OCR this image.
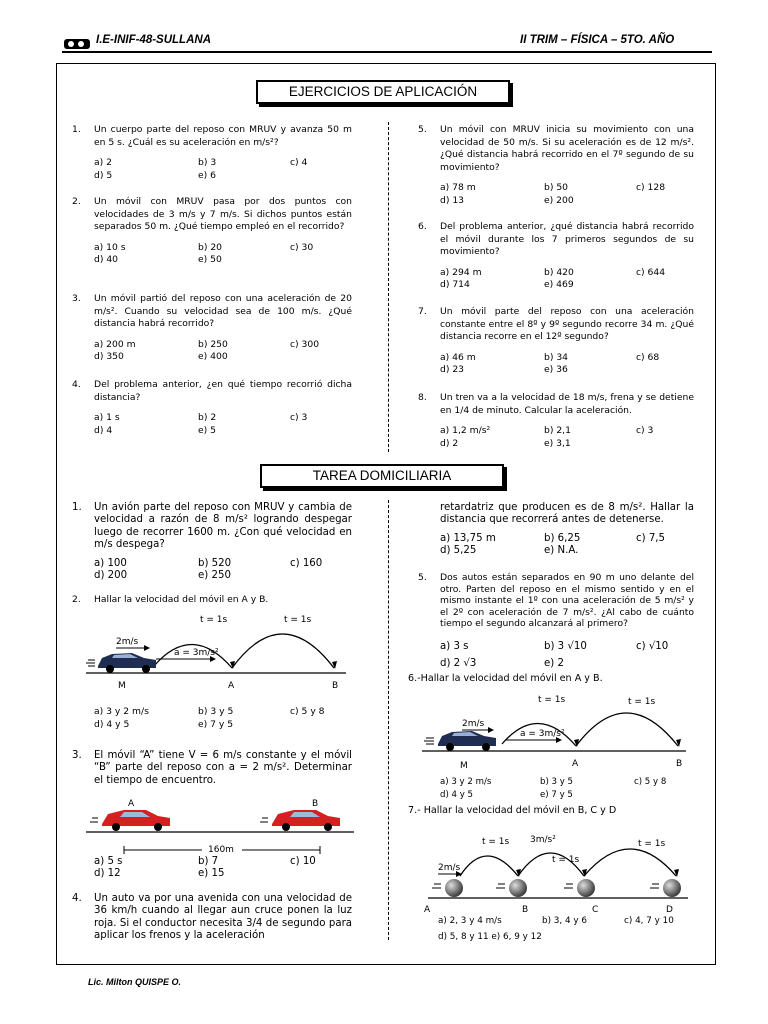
I.E-INIF-48-SULLANA	II TRIM – FÍSICA – 5TO. AÑO
EJERCICIOS DE APLICACIÓN
1. Un cuerpo parte del reposo con MRUV y avanza 50 m en 5 s. ¿Cuál es su aceleración en m/s²?
a) 2	b) 3	c) 4
d) 5	e) 6
2. Un móvil con MRUV pasa por dos puntos con velocidades de 3 m/s y 7 m/s. Si dichos puntos están separados 50 m. ¿Qué tiempo empleó en el recorrido?
a) 10 s	b) 20	c) 30
d) 40	e) 50
3. Un móvil partió del reposo con una aceleración de 20 m/s². Cuando su velocidad sea de 100 m/s. ¿Qué distancia habrá recorrido?
a) 200 m	b) 250	c) 300
d) 350	e) 400
4. Del problema anterior, ¿en qué tiempo recorrió dicha distancia?
a) 1 s	b) 2	c) 3
d) 4	e) 5
5. Un móvil con MRUV inicia su movimiento con una velocidad de 50 m/s. Si su aceleración es de 12 m/s². ¿Qué distancia habrá recorrido en el 7º segundo de su movimiento?
a) 78 m	b) 50	c) 128
d) 13	e) 200
6. Del problema anterior, ¿qué distancia habrá recorrido el móvil durante los 7 primeros segundos de su movimiento?
a) 294 m	b) 420	c) 644
d) 714	e) 469
7. Un móvil parte del reposo con una aceleración constante entre el 8º y 9º segundo recorre 34 m. ¿Qué distancia recorre en el 12º segundo?
a) 46 m	b) 34	c) 68
d) 23	e) 36
8. Un tren va a la velocidad de 18 m/s, frena y se detiene en 1/4 de minuto. Calcular la aceleración.
a) 1,2 m/s²	b) 2,1	c) 3
d) 2	e) 3,1
TAREA DOMICILIARIA
1. Un avión parte del reposo con MRUV y cambia de velocidad a razón de 8 m/s² logrando despegar luego de recorrer 1600 m. ¿Con qué velocidad en m/s despega?
a) 100	b) 520	c) 160
d) 200	e) 250
2. Hallar la velocidad del móvil en A y B.
t = 1s	t = 1s
2m/s
a = 3m/s²
M	A	B
a) 3 y 2 m/s	b) 3 y 5	c) 5 y 8
d) 4 y 5	e) 7 y 5
3. El móvil “A” tiene V = 6 m/s constante y el móvil “B” parte del reposo con a = 2 m/s². Determinar el tiempo de encuentro.
A	B
160m
a) 5 s	b) 7	c) 10
d) 12	e) 15
4. Un auto va por una avenida con una velocidad de 36 km/h cuando al llegar aun cruce ponen la luz roja. Si el conductor necesita 3/4 de segundo para aplicar los frenos y la aceleración
retardatriz que producen es de 8 m/s². Hallar la distancia que recorrerá antes de detenerse.
a) 13,75 m	b) 6,25	c) 7,5
d) 5,25	e) N.A.
5. Dos autos están separados en 90 m uno delante del otro. Parten del reposo en el mismo sentido y en el mismo instante el 1º con una aceleración de 5 m/s² y el 2º con aceleración de 7 m/s². ¿Al cabo de cuánto tiempo el segundo alcanzará al primero?
a) 3 s	b) 3 √10	c) √10
d) 2 √3	e) 2
6.-Hallar la velocidad del móvil en A y B.
t = 1s	t = 1s
2m/s
a = 3m/s²
M	A	B
a) 3 y 2 m/s	b) 3 y 5	c) 5 y 8
d) 4 y 5	e) 7 y 5
7.- Hallar la velocidad del móvil en B, C y D
t = 1s 3m/s²
t = 1s
t = 1s
2m/s
A	B	C	D
a) 2, 3 y 4 m/s	b) 3, 4 y 6	c) 4, 7 y 10
d) 5, 8 y 11 e) 6, 9 y 12
Lic. Milton QUISPE O.
